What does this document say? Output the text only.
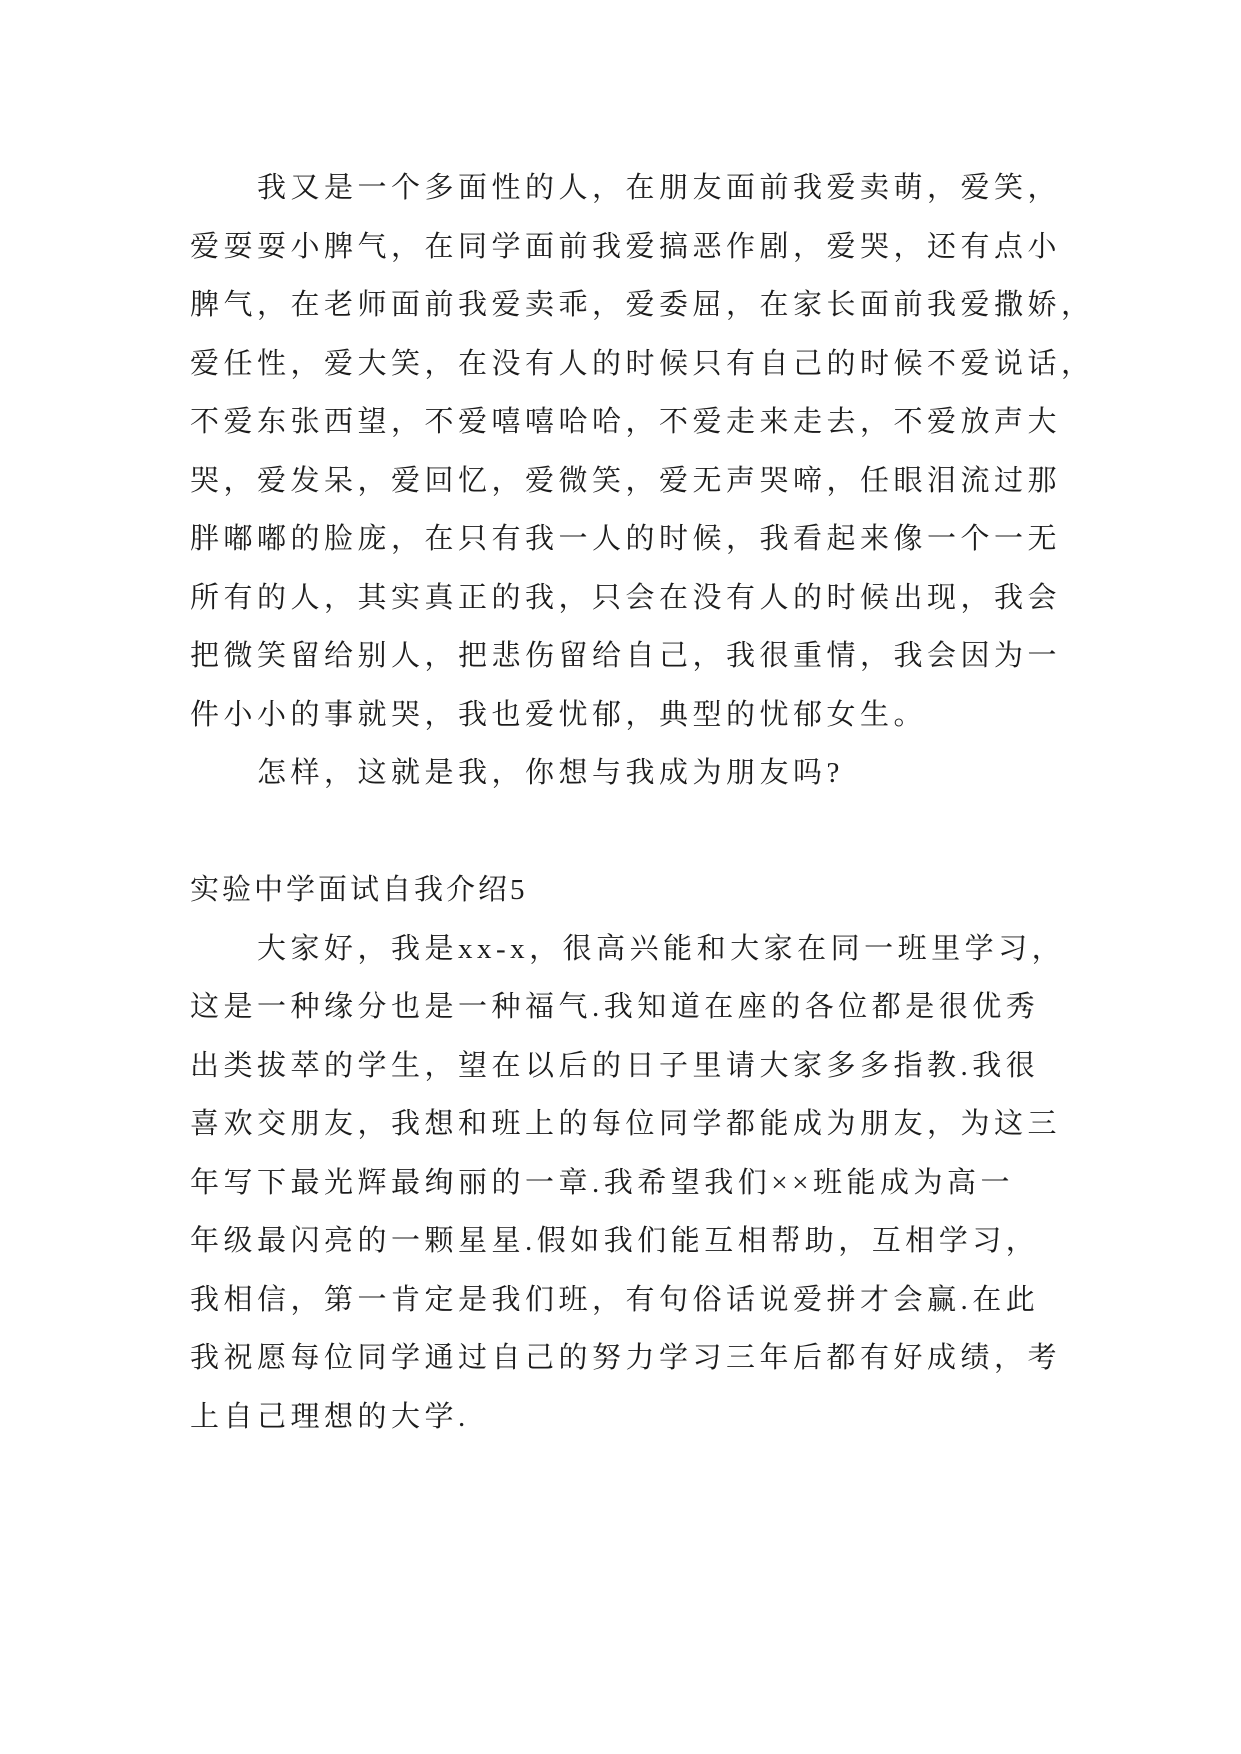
我又是一个多面性的人，在朋友面前我爱卖萌，爱笑，
爱耍耍小脾气，在同学面前我爱搞恶作剧，爱哭，还有点小
脾气，在老师面前我爱卖乖，爱委屈，在家长面前我爱撒娇，
爱任性，爱大笑，在没有人的时候只有自己的时候不爱说话，
不爱东张西望，不爱嘻嘻哈哈，不爱走来走去，不爱放声大
哭，爱发呆，爱回忆，爱微笑，爱无声哭啼，任眼泪流过那
胖嘟嘟的脸庞，在只有我一人的时候，我看起来像一个一无
所有的人，其实真正的我，只会在没有人的时候出现，我会
把微笑留给别人，把悲伤留给自己，我很重情，我会因为一
件小小的事就哭，我也爱忧郁，典型的忧郁女生。
怎样，这就是我，你想与我成为朋友吗?
实验中学面试自我介绍5
大家好，我是xx-x，很高兴能和大家在同一班里学习，
这是一种缘分也是一种福气.我知道在座的各位都是很优秀
出类拔萃的学生，望在以后的日子里请大家多多指教.我很
喜欢交朋友，我想和班上的每位同学都能成为朋友，为这三
年写下最光辉最绚丽的一章.我希望我们××班能成为高一
年级最闪亮的一颗星星.假如我们能互相帮助，互相学习，
我相信，第一肯定是我们班，有句俗话说爱拼才会赢.在此
我祝愿每位同学通过自己的努力学习三年后都有好成绩，考
上自己理想的大学.
